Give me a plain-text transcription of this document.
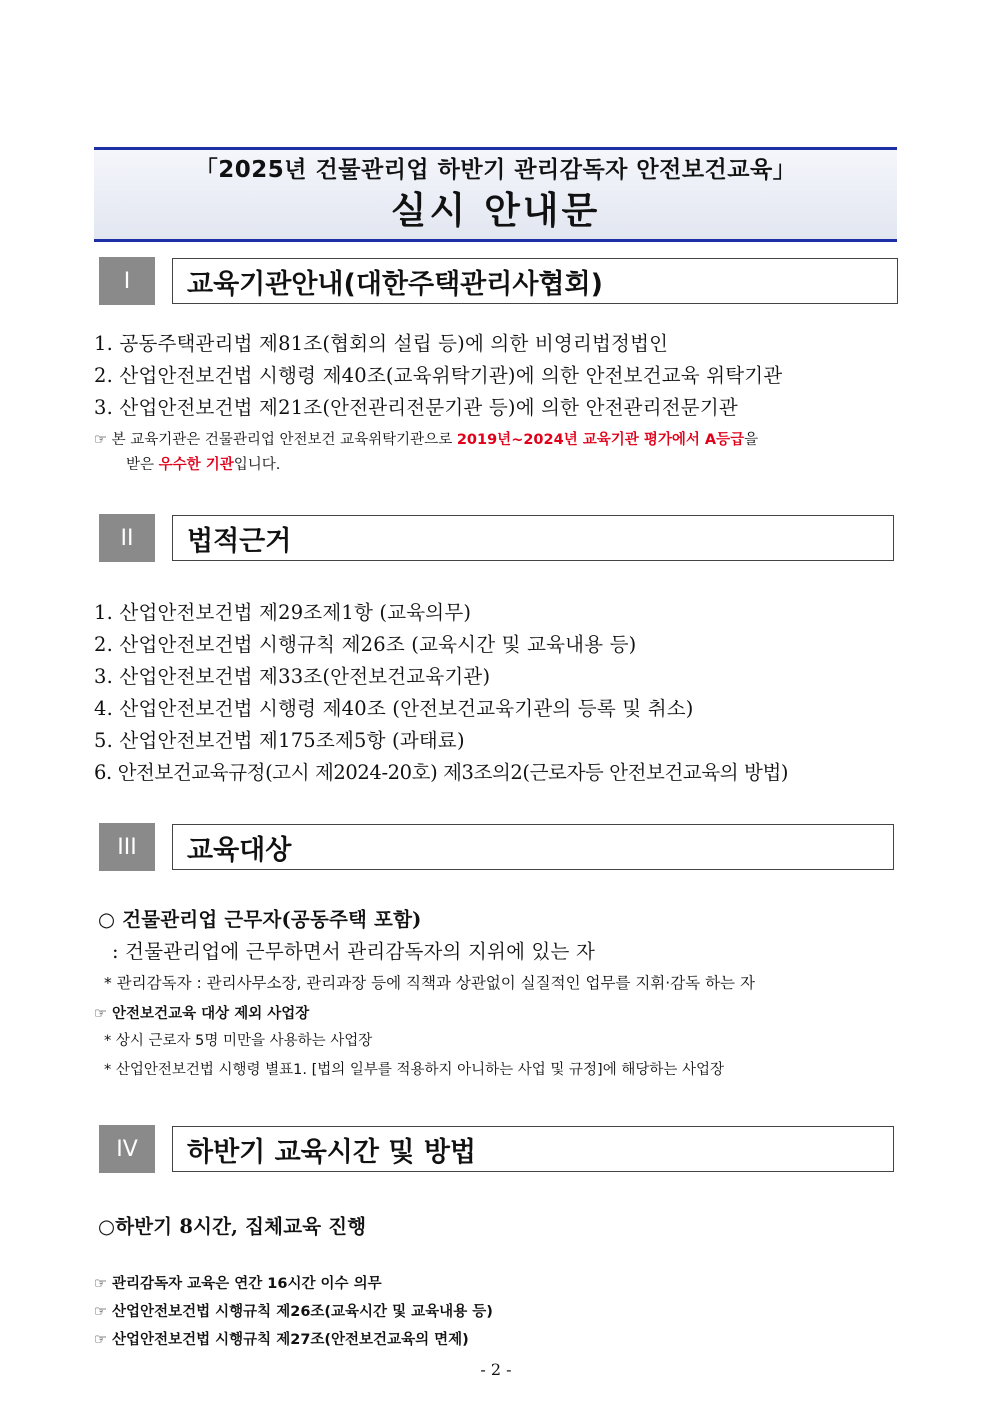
「2025년 건물관리업 하반기 관리감독자 안전보건교육」
실시 안내문
I	교육기관안내(대한주택관리사협회)
1. 공동주택관리법 제81조(협회의 설립 등)에 의한 비영리법정법인
2. 산업안전보건법 시행령 제40조(교육위탁기관)에 의한 안전보건교육 위탁기관
3. 산업안전보건법 제21조(안전관리전문기관 등)에 의한 안전관리전문기관
☞ 본 교육기관은 건물관리업 안전보건 교육위탁기관으로 2019년~2024년 교육기관 평가에서 A등급을
받은 우수한 기관입니다.
II	법적근거
1. 산업안전보건법 제29조제1항 (교육의무)
2. 산업안전보건법 시행규칙 제26조 (교육시간 및 교육내용 등)
3. 산업안전보건법 제33조(안전보건교육기관)
4. 산업안전보건법 시행령 제40조 (안전보건교육기관의 등록 및 취소)
5. 산업안전보건법 제175조제5항 (과태료)
6. 안전보건교육규정(고시 제2024-20호) 제3조의2(근로자등 안전보건교육의 방법)
III	교육대상
○ 건물관리업 근무자(공동주택 포함)
: 건물관리업에 근무하면서 관리감독자의 지위에 있는 자
* 관리감독자 : 관리사무소장, 관리과장 등에 직책과 상관없이 실질적인 업무를 지휘·감독 하는 자
☞ 안전보건교육 대상 제외 사업장
* 상시 근로자 5명 미만을 사용하는 사업장
* 산업안전보건법 시행령 별표1. [법의 일부를 적용하지 아니하는 사업 및 규정]에 해당하는 사업장
IV	하반기 교육시간 및 방법
○하반기 8시간, 집체교육 진행
☞ 관리감독자 교육은 연간 16시간 이수 의무
☞ 산업안전보건법 시행규칙 제26조(교육시간 및 교육내용 등)
☞ 산업안전보건법 시행규칙 제27조(안전보건교육의 면제)
- 2 -
